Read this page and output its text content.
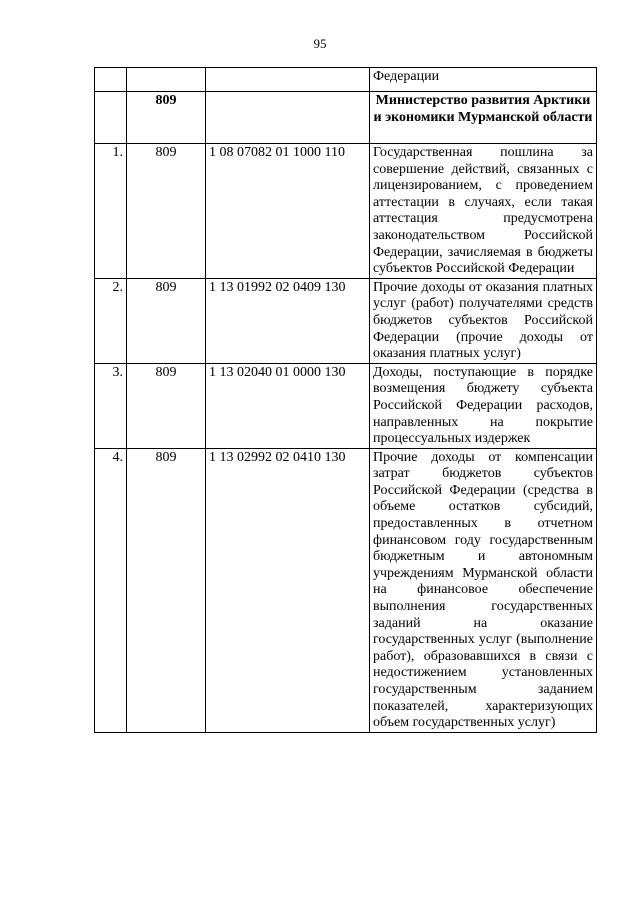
95
			Федерации
	809		Министерство развития Арктики и экономики Мурманской области
1.	809	1 08 07082 01 1000 110	Государственная пошлина за совершение действий, связанных с лицензированием, с проведением аттестации в случаях, если такая аттестация предусмотрена законодательством Российской Федерации, зачисляемая в бюджеты субъектов Российской Федерации
2.	809	1 13 01992 02 0409 130	Прочие доходы от оказания платных услуг (работ) получателями средств бюджетов субъектов Российской Федерации (прочие доходы от оказания платных услуг)
3.	809	1 13 02040 01 0000 130	Доходы, поступающие в порядке возмещения бюджету субъекта Российской Федерации расходов, направленных на покрытие процессуальных издержек
4.	809	1 13 02992 02 0410 130	Прочие доходы от компенсации затрат бюджетов субъектов Российской Федерации (средства в объеме остатков субсидий, предоставленных в отчетном финансовом году государственным бюджетным и автономным учреждениям Мурманской области на финансовое обеспечение выполнения государственных заданий на оказание государственных услуг (выполнение работ), образовавшихся в связи с недостижением установленных государственным заданием показателей, характеризующих объем государственных услуг)
